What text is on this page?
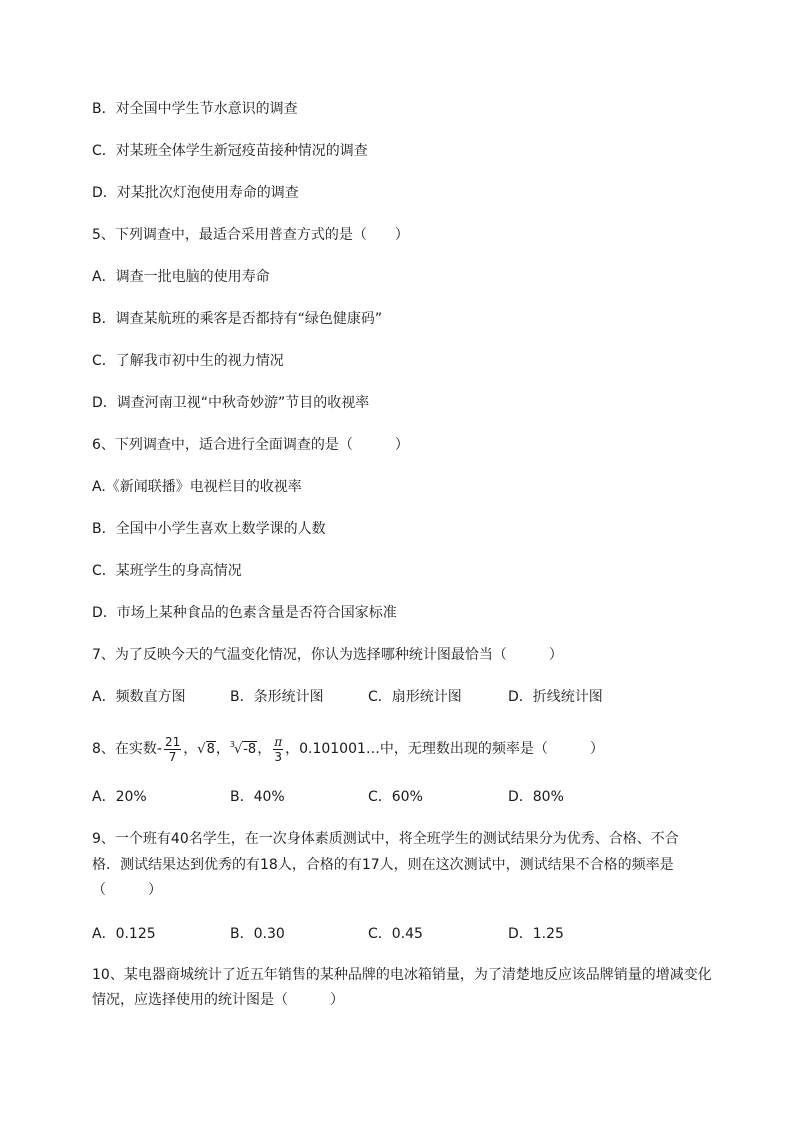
B．对全国中学生节水意识的调查
C．对某班全体学生新冠疫苗接种情况的调查
D．对某批次灯泡使用寿命的调查
5、下列调查中，最适合采用普查方式的是（　　）
A．调查一批电脑的使用寿命
B．调查某航班的乘客是否都持有“绿色健康码”
C．了解我市初中生的视力情况
D．调查河南卫视“中秋奇妙游”节目的收视率
6、下列调查中，适合进行全面调查的是（　　　）
A.《新闻联播》电视栏目的收视率
B．全国中小学生喜欢上数学课的人数
C．某班学生的身高情况
D．市场上某种食品的色素含量是否符合国家标准
7、为了反映今天的气温变化情况，你认为选择哪种统计图最恰当（　　　）
A．频数直方图	B．条形统计图	C．扇形统计图	D．折线统计图
8、在实数- $\frac{21}{7}$ ，√8，$^3$√-8， $\frac{\pi}{3}$ ，0.101001…中，无理数出现的频率是（　　　）
A．20%	B．40%	C．60%	D．80%
9、一个班有40名学生，在一次身体素质测试中，将全班学生的测试结果分为优秀、合格、不合
格．测试结果达到优秀的有18人，合格的有17人，则在这次测试中，测试结果不合格的频率是
（　　　）
A．0.125	B．0.30	C．0.45	D．1.25
10、某电器商城统计了近五年销售的某种品牌的电冰箱销量，为了清楚地反应该品牌销量的增减变化
情况，应选择使用的统计图是（　　　）
